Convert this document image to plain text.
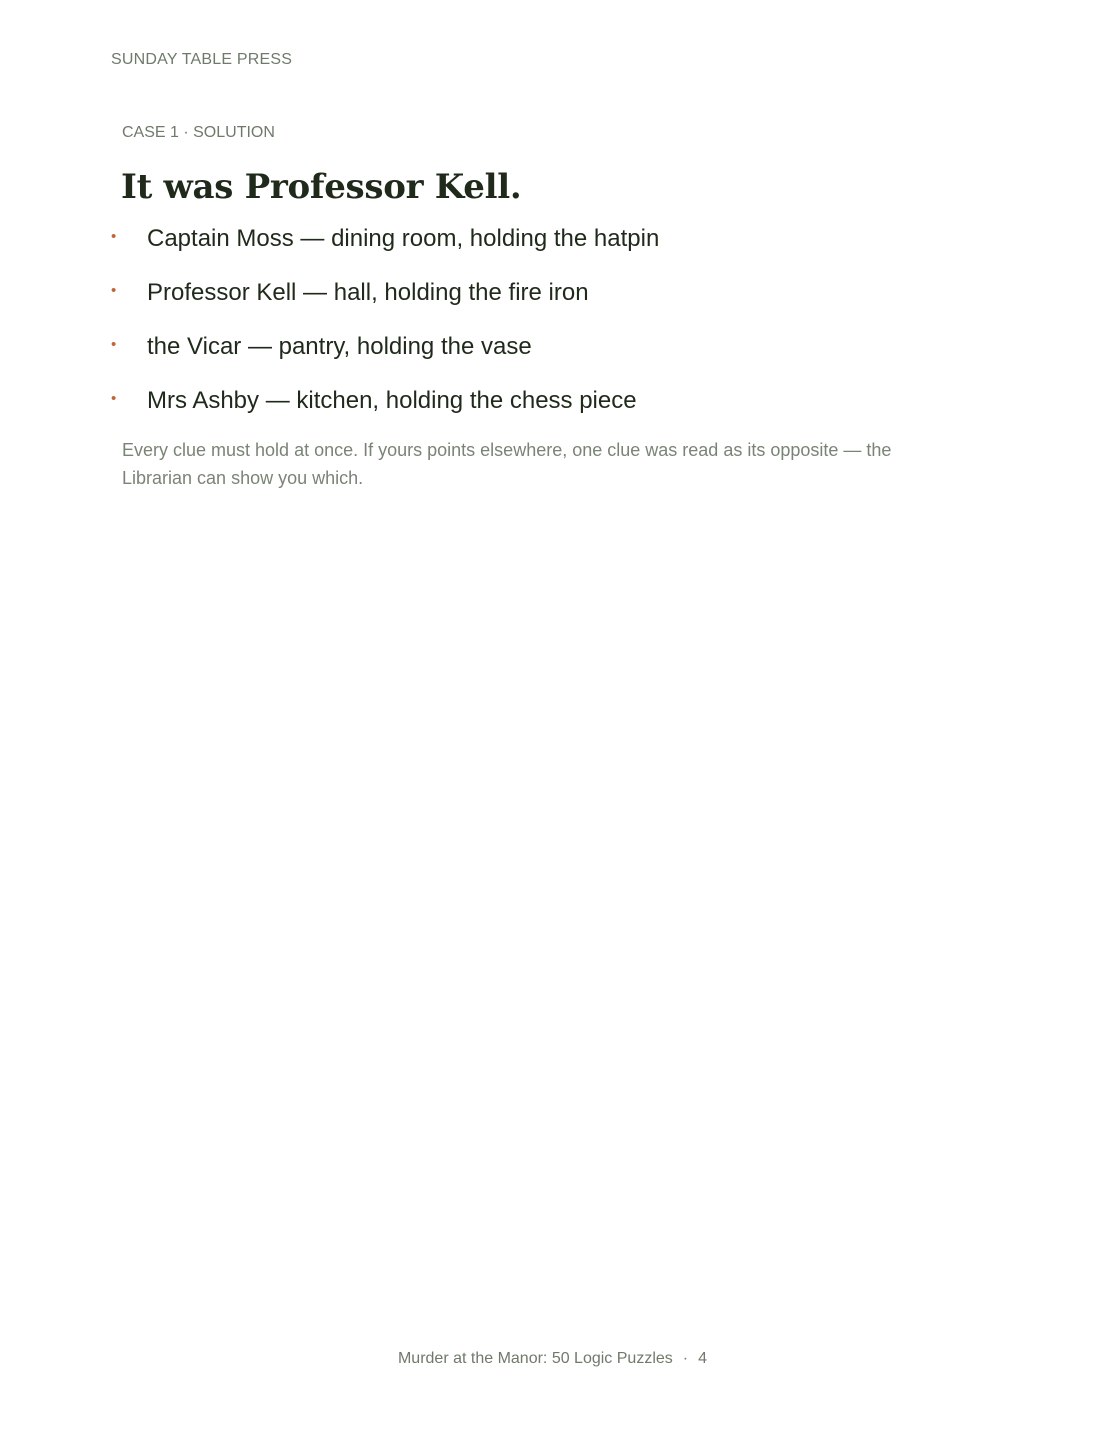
SUNDAY TABLE PRESS
CASE 1 · SOLUTION
It was Professor Kell.
• Captain Moss — dining room, holding the hatpin
• Professor Kell — hall, holding the fire iron
• the Vicar — pantry, holding the vase
• Mrs Ashby — kitchen, holding the chess piece

Every clue must hold at once. If yours points elsewhere, one clue was read as its opposite — the Librarian can show you which.

Murder at the Manor: 50 Logic Puzzles · 4
